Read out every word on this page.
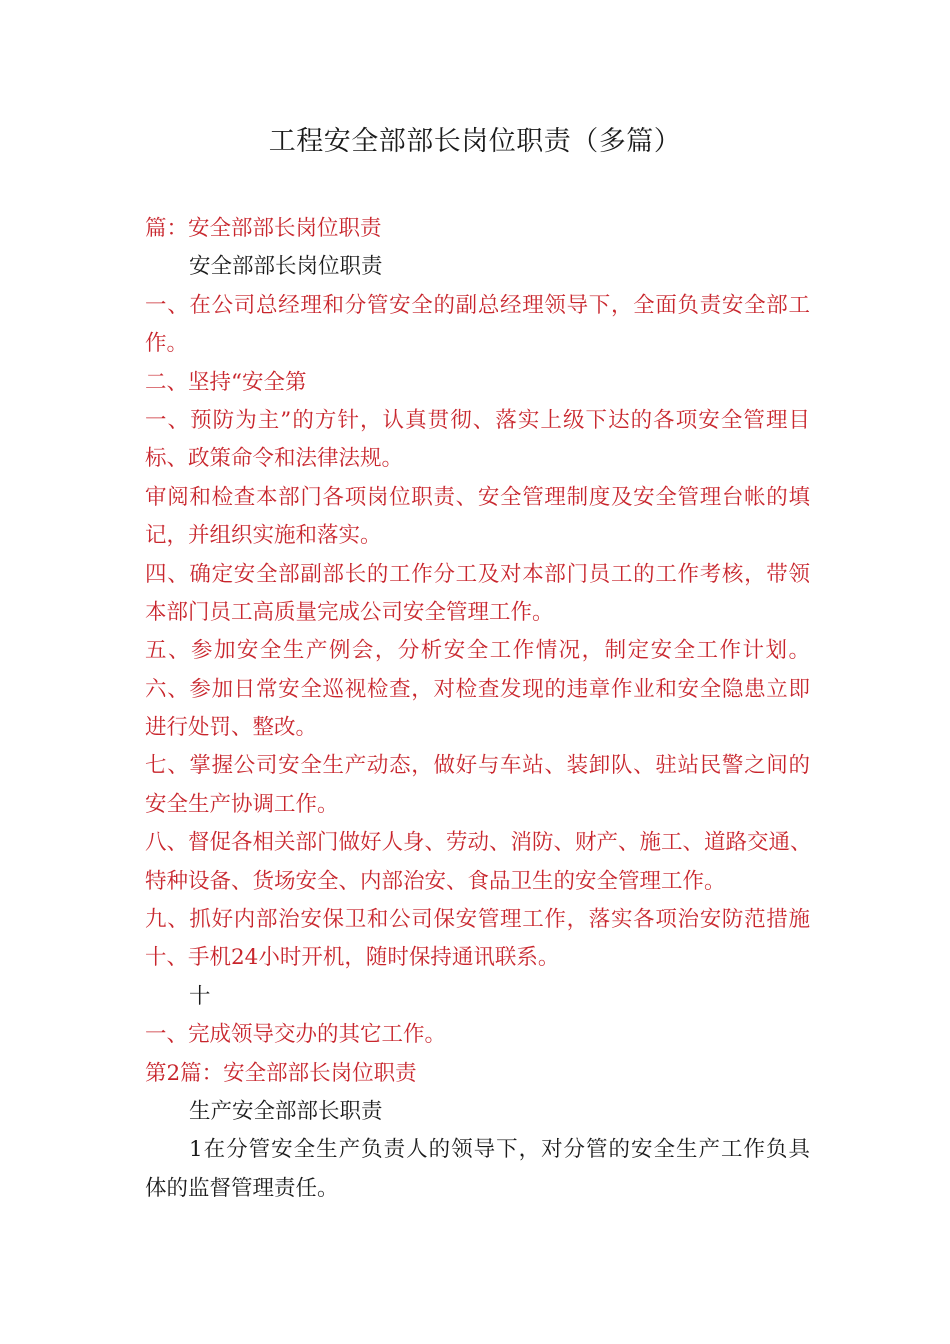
工程安全部部长岗位职责（多篇）
篇：安全部部长岗位职责
安全部部长岗位职责
一、在公司总经理和分管安全的副总经理领导下，全面负责安全部工
作。
二、坚持“安全第
一、预防为主”的方针，认真贯彻、落实上级下达的各项安全管理目
标、政策命令和法律法规。
审阅和检查本部门各项岗位职责、安全管理制度及安全管理台帐的填
记，并组织实施和落实。
四、确定安全部副部长的工作分工及对本部门员工的工作考核，带领
本部门员工高质量完成公司安全管理工作。
五、参加安全生产例会，分析安全工作情况，制定安全工作计划。
六、参加日常安全巡视检查，对检查发现的违章作业和安全隐患立即
进行处罚、整改。
七、掌握公司安全生产动态，做好与车站、装卸队、驻站民警之间的
安全生产协调工作。
八、督促各相关部门做好人身、劳动、消防、财产、施工、道路交通、
特种设备、货场安全、内部治安、食品卫生的安全管理工作。
九、抓好内部治安保卫和公司保安管理工作，落实各项治安防范措施
十、手机24小时开机，随时保持通讯联系。
十
一、完成领导交办的其它工作。
第2篇：安全部部长岗位职责
生产安全部部长职责
1在分管安全生产负责人的领导下，对分管的安全生产工作负具
体的监督管理责任。
